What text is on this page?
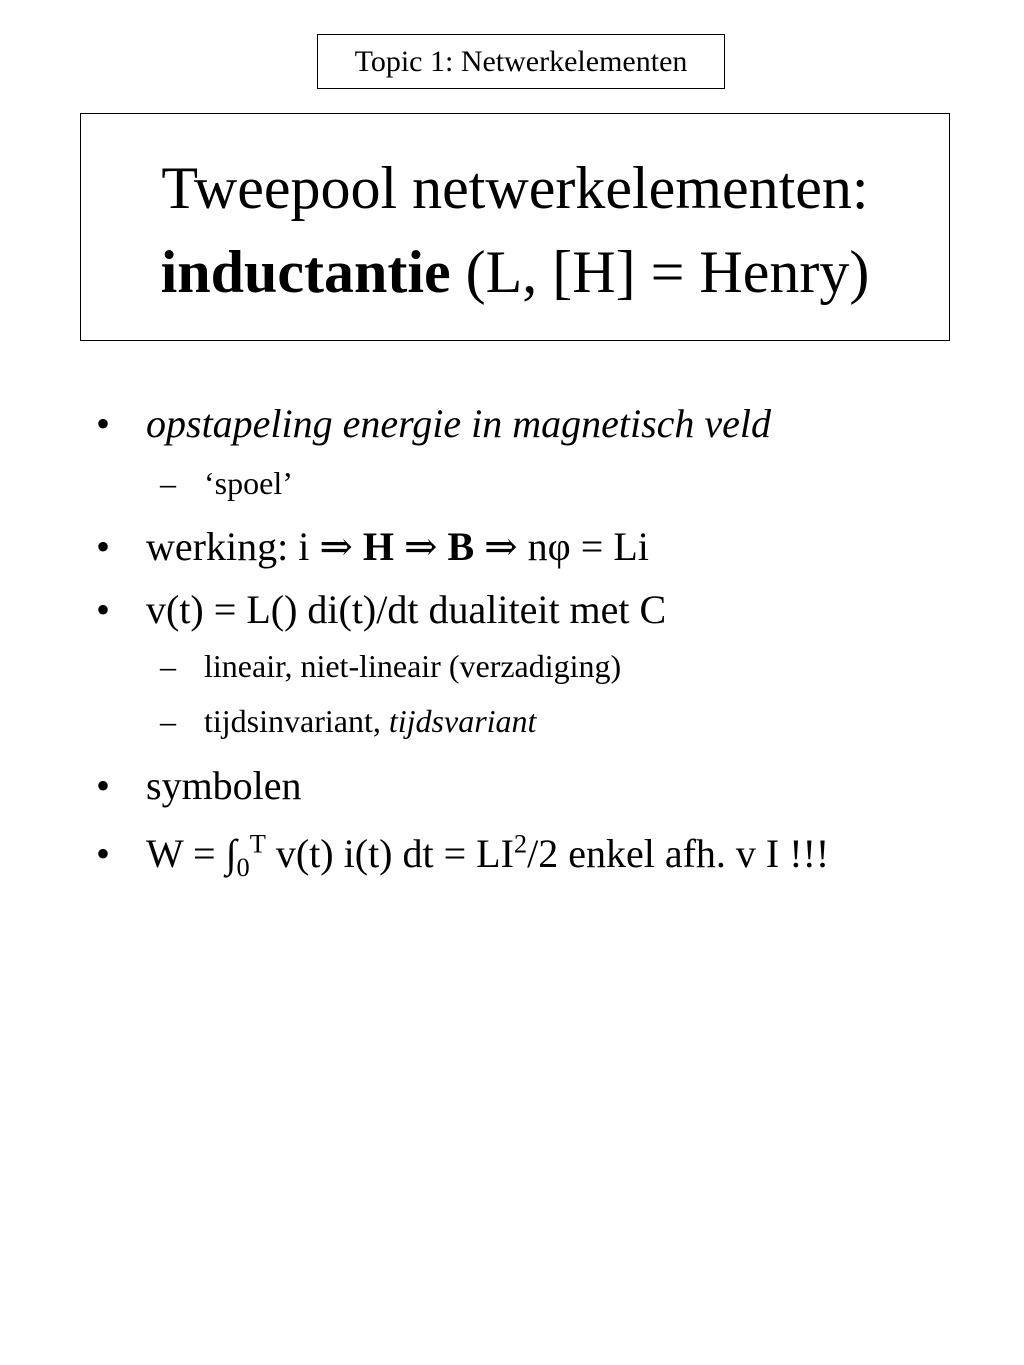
Topic 1: Netwerkelementen
Tweepool netwerkelementen:
inductantie (L, [H] = Henry)
• opstapeling energie in magnetisch veld
– ‘spoel’
• werking: i ⇒ H ⇒ B ⇒ nφ = Li
• v(t) = L() di(t)/dt dualiteit met C
– lineair, niet-lineair (verzadiging)
– tijdsinvariant, tijdsvariant
• symbolen
• $W = \int_0^T$ v(t) i(t) dt = $LI^2/2$ enkel afh. v I !!!
